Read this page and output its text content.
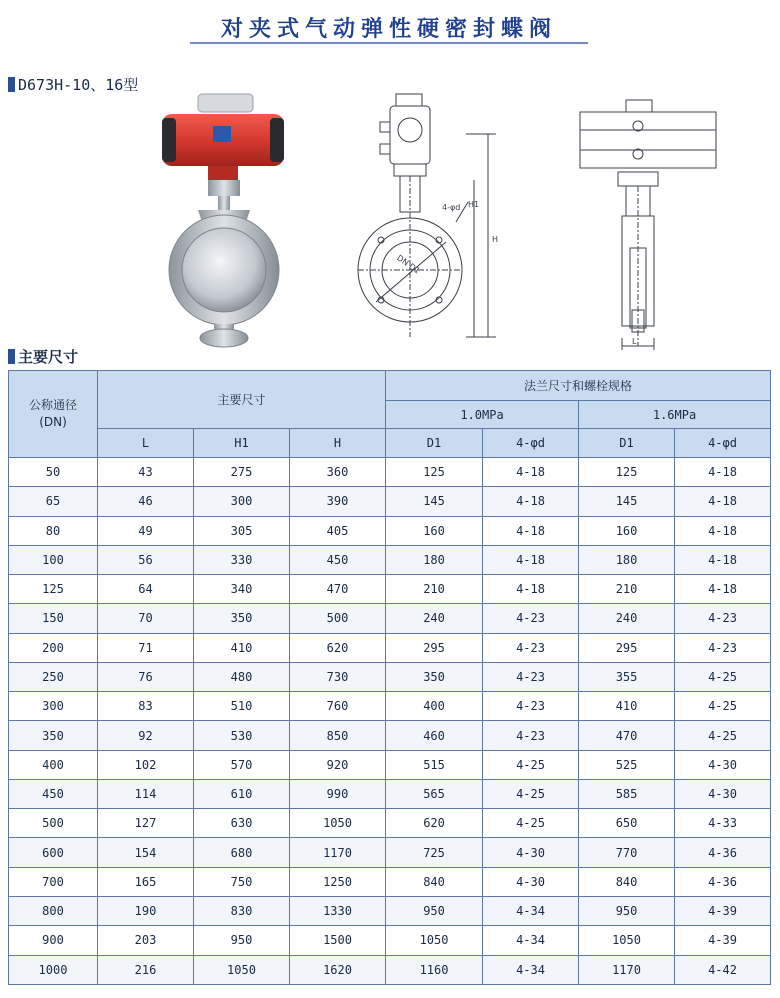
对夹式气动弹性硬密封蝶阀
D673H-10、16型
4-φd
H
H1
DN D1
L
主要尺寸
公称通径
(DN)	主要尺寸			法兰尺寸和螺栓规格			
				1.0MPa		1.6MPa	
	L	H1	H	D1	4-φd	D1	4-φd
50	43	275	360	125	4-18	125	4-18
65	46	300	390	145	4-18	145	4-18
80	49	305	405	160	4-18	160	4-18
100	56	330	450	180	4-18	180	4-18
125	64	340	470	210	4-18	210	4-18
150	70	350	500	240	4-23	240	4-23
200	71	410	620	295	4-23	295	4-23
250	76	480	730	350	4-23	355	4-25
300	83	510	760	400	4-23	410	4-25
350	92	530	850	460	4-23	470	4-25
400	102	570	920	515	4-25	525	4-30
450	114	610	990	565	4-25	585	4-30
500	127	630	1050	620	4-25	650	4-33
600	154	680	1170	725	4-30	770	4-36
700	165	750	1250	840	4-30	840	4-36
800	190	830	1330	950	4-34	950	4-39
900	203	950	1500	1050	4-34	1050	4-39
1000	216	1050	1620	1160	4-34	1170	4-42
